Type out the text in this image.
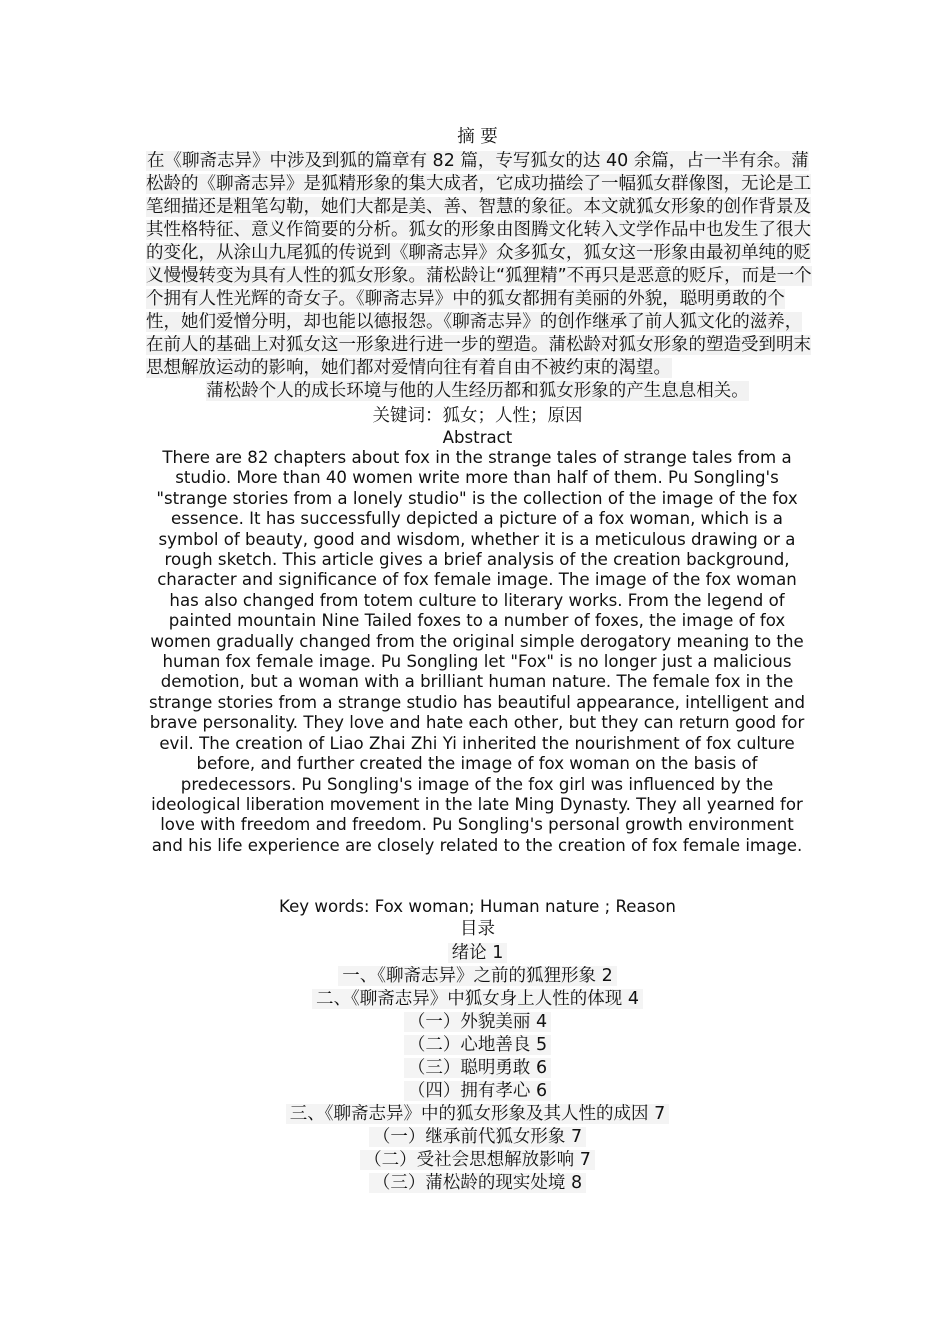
摘 要

在《聊斋志异》中涉及到狐的篇章有 82 篇，专写狐女的达 40 余篇，占一半有余。蒲松龄的《聊斋志异》是狐精形象的集大成者，它成功描绘了一幅狐女群像图，无论是工笔细描还是粗笔勾勒，她们大都是美、善、智慧的象征。本文就狐女形象的创作背景及其性格特征、意义作简要的分析。狐女的形象由图腾文化转入文学作品中也发生了很大的变化，从涂山九尾狐的传说到《聊斋志异》众多狐女，狐女这一形象由最初单纯的贬义慢慢转变为具有人性的狐女形象。蒲松龄让“狐狸精”不再只是恶意的贬斥，而是一个个拥有人性光辉的奇女子。《聊斋志异》中的狐女都拥有美丽的外貌，聪明勇敢的个性，她们爱憎分明，却也能以德报怨。《聊斋志异》的创作继承了前人狐文化的滋养，在前人的基础上对狐女这一形象进行进一步的塑造。蒲松龄对狐女形象的塑造受到明末思想解放运动的影响，她们都对爱情向往有着自由不被约束的渴望。

蒲松龄个人的成长环境与他的人生经历都和狐女形象的产生息息相关。

关键词：狐女；人性；原因

Abstract

There are 82 chapters about fox in the strange tales of strange tales from a studio. More than 40 women write more than half of them. Pu Songling's "strange stories from a lonely studio" is the collection of the image of the fox essence. It has successfully depicted a picture of a fox woman, which is a symbol of beauty, good and wisdom, whether it is a meticulous drawing or a rough sketch. This article gives a brief analysis of the creation background, character and significance of fox female image. The image of the fox woman has also changed from totem culture to literary works. From the legend of painted mountain Nine Tailed foxes to a number of foxes, the image of fox women gradually changed from the original simple derogatory meaning to the human fox female image. Pu Songling let "Fox" is no longer just a malicious demotion, but a woman with a brilliant human nature. The female fox in the strange stories from a strange studio has beautiful appearance, intelligent and brave personality. They love and hate each other, but they can return good for evil. The creation of Liao Zhai Zhi Yi inherited the nourishment of fox culture before, and further created the image of fox woman on the basis of predecessors. Pu Songling's image of the fox girl was influenced by the ideological liberation movement in the late Ming Dynasty. They all yearned for love with freedom and freedom. Pu Songling's personal growth environment and his life experience are closely related to the creation of fox female image.

Key words: Fox woman; Human nature ; Reason

目录

绪论 1

一、《聊斋志异》之前的狐狸形象 2

二、《聊斋志异》中狐女身上人性的体现 4

（一）外貌美丽 4

（二）心地善良 5

（三）聪明勇敢 6

（四）拥有孝心 6

三、《聊斋志异》中的狐女形象及其人性的成因 7

（一）继承前代狐女形象 7

（二）受社会思想解放影响 7

（三）蒲松龄的现实处境 8
